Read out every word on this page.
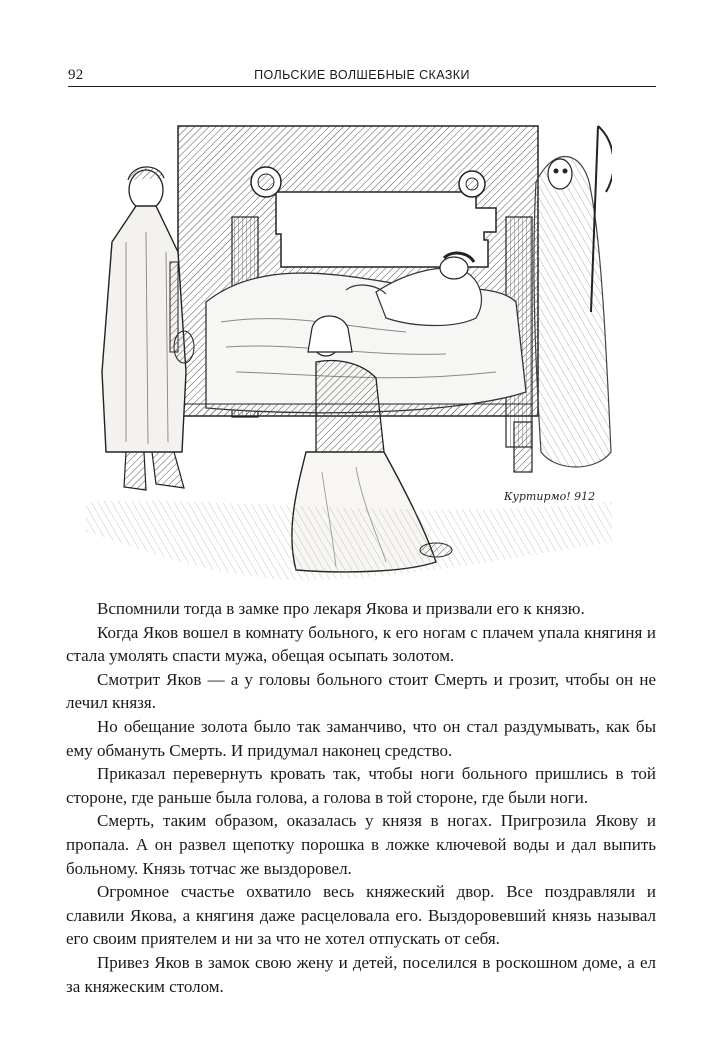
92	ПОЛЬСКИЕ ВОЛШЕБНЫЕ СКАЗКИ
Куртирмо! 912

Вспомнили тогда в замке про лекаря Якова и призвали его к князю.

Когда Яков вошел в комнату больного, к его ногам с плачем упала княгиня и стала умолять спасти мужа, обещая осыпать золотом.

Смотрит Яков — а у головы больного стоит Смерть и грозит, чтобы он не лечил князя.

Но обещание золота было так заманчиво, что он стал раздумывать, как бы ему обмануть Смерть. И придумал наконец средство.

Приказал перевернуть кровать так, чтобы ноги больного пришлись в той стороне, где раньше была голова, а голова в той стороне, где были ноги.

Смерть, таким образом, оказалась у князя в ногах. Пригрозила Якову и пропала. А он развел щепотку порошка в ложке ключевой воды и дал выпить больному. Князь тотчас же выздоровел.

Огромное счастье охватило весь княжеский двор. Все поздравляли и славили Якова, а княгиня даже расцеловала его. Выздоровевший князь называл его своим приятелем и ни за что не хотел отпускать от себя.

Привез Яков в замок свою жену и детей, поселился в роскошном доме, а ел за княжеским столом.
